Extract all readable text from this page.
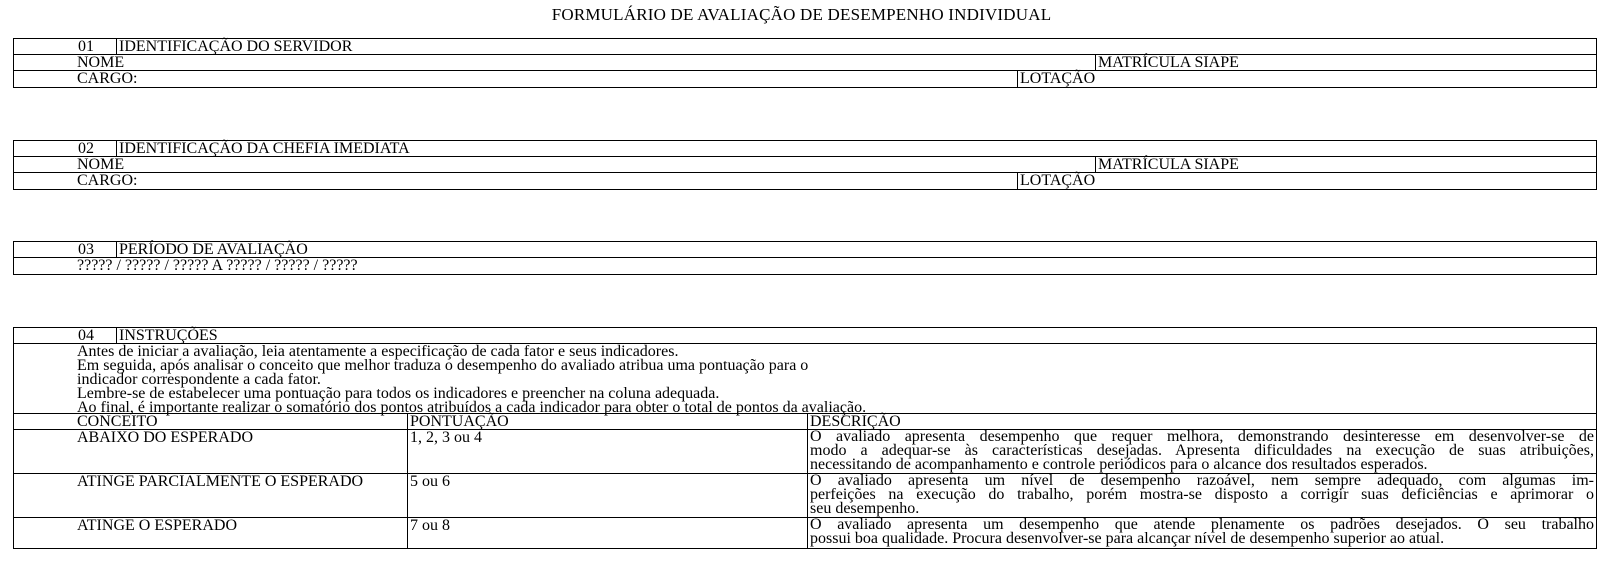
FORMULÁRIO DE AVALIAÇÃO DE DESEMPENHO INDIVIDUAL
01 IDENTIFICAÇÃO DO SERVIDOR
NOME	MATRÍCULA SIAPE
CARGO:	LOTAÇÃO
02 IDENTIFICAÇÃO DA CHEFIA IMEDIATA
NOME	MATRÍCULA SIAPE
CARGO:	LOTAÇÃO
03 PERÍODO DE AVALIAÇÃO
????? / ????? / ????? A ????? / ????? / ?????
04 INSTRUÇÕES
Antes de iniciar a avaliação, leia atentamente a especificação de cada fator e seus indicadores.
Em seguida, após analisar o conceito que melhor traduza o desempenho do avaliado atribua uma pontuação para o
indicador correspondente a cada fator.
Lembre-se de estabelecer uma pontuação para todos os indicadores e preencher na coluna adequada.
Ao final, é importante realizar o somatório dos pontos atribuídos a cada indicador para obter o total de pontos da avaliação.
CONCEITO	PONTUAÇÃO	DESCRIÇÃO
ABAIXO DO ESPERADO	1, 2, 3 ou 4	O avaliado apresenta desempenho que requer melhora, demonstrando desinteresse em desenvolver-se de
modo a adequar-se às características desejadas. Apresenta dificuldades na execução de suas atribuições,
necessitando de acompanhamento e controle periódicos para o alcance dos resultados esperados.
ATINGE PARCIALMENTE O ESPERADO	5 ou 6	O avaliado apresenta um nível de desempenho razoável, nem sempre adequado, com algumas im-
perfeições na execução do trabalho, porém mostra-se disposto a corrigir suas deficiências e aprimorar o
seu desempenho.
ATINGE O ESPERADO	7 ou 8	O avaliado apresenta um desempenho que atende plenamente os padrões desejados. O seu trabalho
possui boa qualidade. Procura desenvolver-se para alcançar nível de desempenho superior ao atual.
